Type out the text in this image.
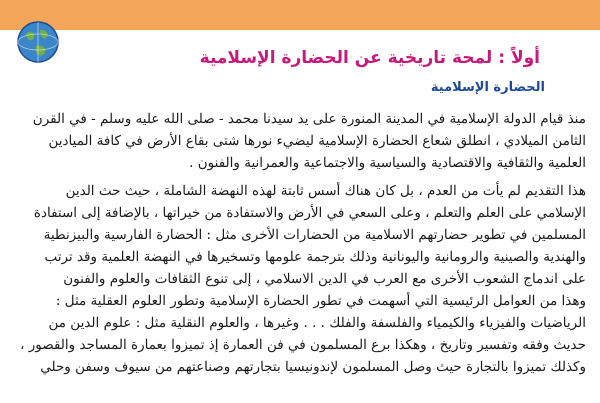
أولاً : لمحة تاريخية عن الحضارة الإسلامية
الحضارة الإسلامية

منذ قيام الدولة الإسلامية في المدينة المنورة على يد سيدنا محمد - صلى الله عليه وسلم - في القرن
الثامن الميلادي ، انطلق شعاع الحضارة الإسلامية ليضيء نورها شتى بقاع الأرض في كافة الميادين
العلمية والثقافية والاقتصادية والسياسية والاجتماعية والعمرانية والفنون .

هذا التقديم لم يأت من العدم ، بل كان هناك أسس ثابتة لهذه النهضة الشاملة ، حيث حث الدين
الإسلامي على العلم والتعلم ، وعلى السعي في الأرض والاستفادة من خيراتها ، بالإضافة إلى استفادة
المسلمين في تطوير حضارتهم الاسلامية من الحضارات الأخرى مثل : الحضارة الفارسية والبيزنطية
والهندية والصينية والرومانية واليونانية وذلك بترجمة علومها وتسخيرها في النهضة العلمية وقد ترتب
على اندماج الشعوب الأخرى مع العرب في الدين الاسلامي ، إلى تنوع الثقافات والعلوم والفنون
وهذا من العوامل الرئيسية التي أسهمت في تطور الحضارة الإسلامية وتطور العلوم العقلية مثل :
الرياضيات والفيزياء والكيمياء والفلسفة والفلك . . . وغيرها ، والعلوم النقلية مثل : علوم الدين من
حديث وفقه وتفسير وتاريخ ، وهكذا برع المسلمون في فن العمارة إذ تميزوا بعمارة المساجد والقصور ،
وكذلك تميزوا بالتجارة حيث وصل المسلمون لإندونيسيا بتجارتهم وصناعتهم من سيوف وسفن وحلي
